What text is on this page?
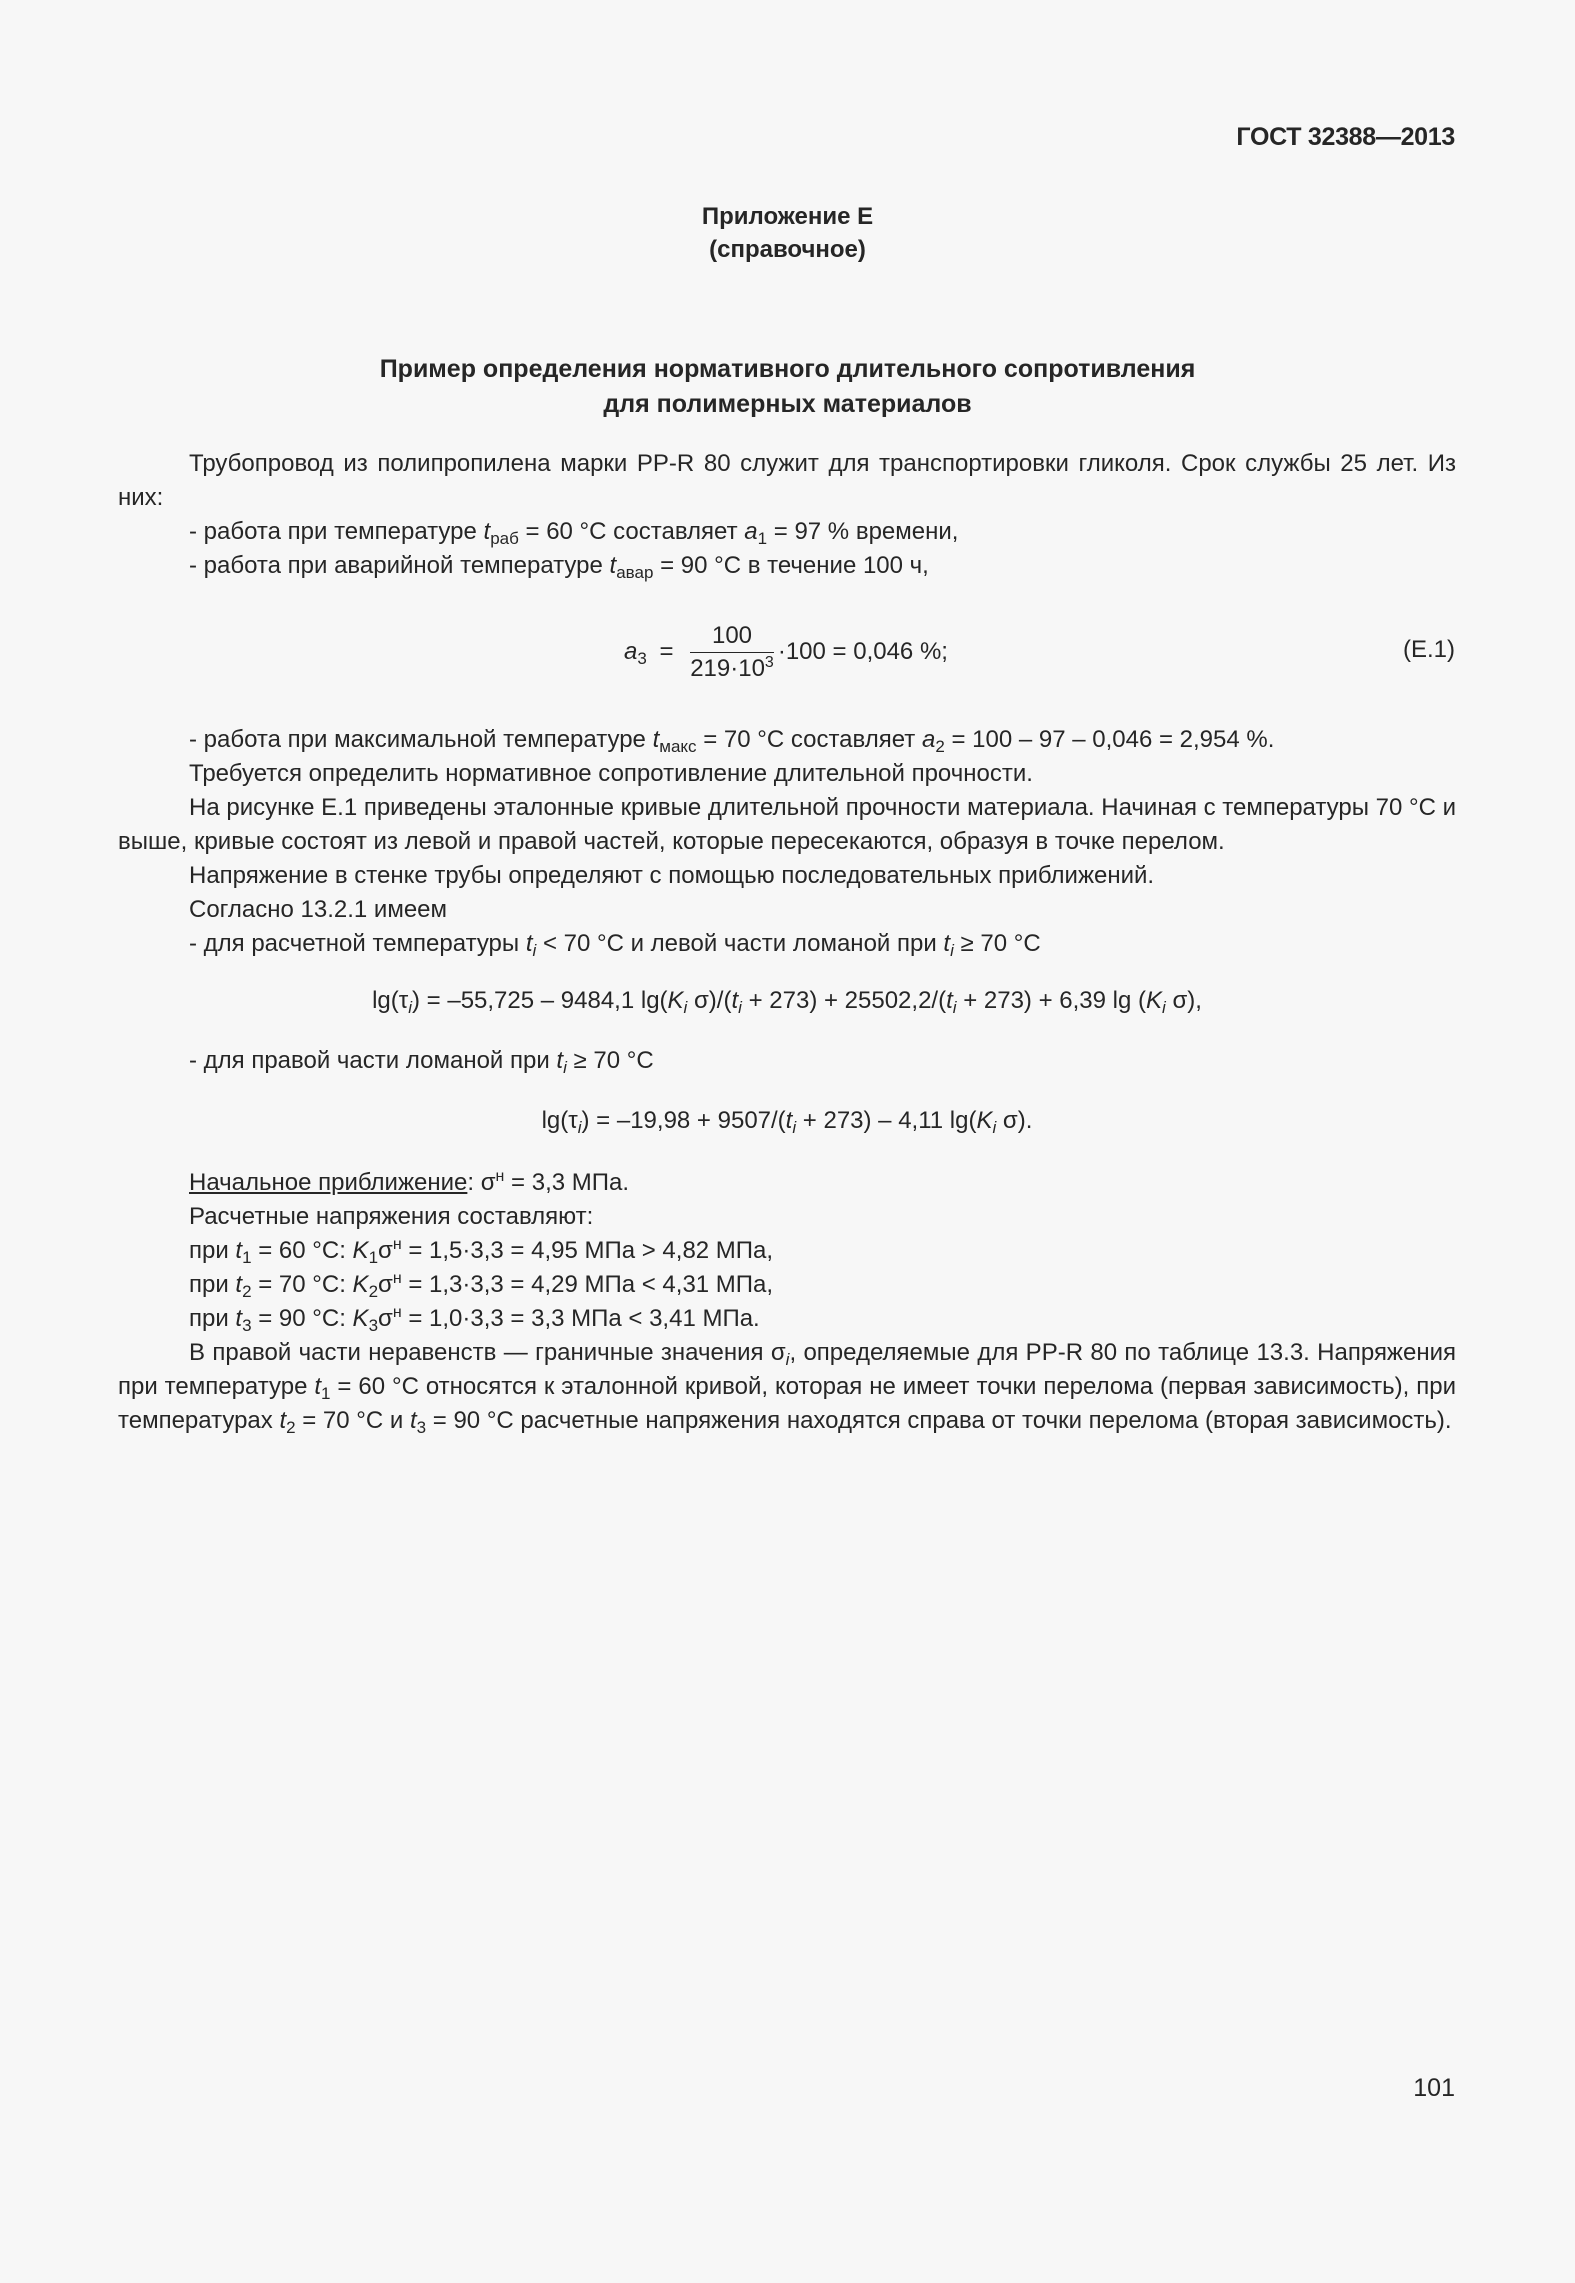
ГОСТ 32388—2013
Приложение Е
(справочное)
Пример определения нормативного длительного сопротивления
для полимерных материалов

Трубопровод из полипропилена марки PP-R 80 служит для транспортировки гликоля. Срок службы 25 лет. Из них:

- работа при температуре $t_{раб} = 60$ °С составляет $a_1 = 97$ % времени,

- работа при аварийной температуре $t_{авар} = 90$ °С в течение 100 ч,

$a_3 = \frac{100}{219\cdot 10^3} \cdot 100 = 0,046$ %;	(Е.1)

- работа при максимальной температуре $t_{макс} = 70$ °С составляет $a_2 = 100 - 97 - 0,046 = 2,954$ %.

Требуется определить нормативное сопротивление длительной прочности.

На рисунке Е.1 приведены эталонные кривые длительной прочности материала. Начиная с температуры 70 °С и выше, кривые состоят из левой и правой частей, которые пересекаются, образуя в точке перелом.

Напряжение в стенке трубы определяют с помощью последовательных приближений.

Согласно 13.2.1 имеем

- для расчетной температуры $t_i < 70$ °С и левой части ломаной при $t_i \ge 70$ °С

$\lg(\tau_i) = -55,725 - 9484,1$ $\lg(K_i$ $\sigma)/(t_i + 273) + 25502,2/(t_i + 273) + 6,39$ $\lg (K_i$ σ),

- для правой части ломаной при $t_i \ge 70$ °С

$\lg(\tau_i) = -19,98 + 9507/(t_i + 273) - 4,11$ $\lg(K_i$ σ).

Начальное приближение: $\sigma^н = 3,3$ МПа.

Расчетные напряжения составляют:

при $t_1 = 60$ °С: $K_1\sigma^н = 1,5\cdot 3,3 = 4,95$ МПа > 4,82 МПа,

при $t_2 = 70$ °С: $K_2\sigma^н = 1,3\cdot 3,3 = 4,29$ МПа < 4,31 МПа,

при $t_3 = 90$ °С: $K_3\sigma^н = 1,0\cdot 3,3 = 3,3$ МПа < 3,41 МПа.

В правой части неравенств — граничные значения $\sigma_i$, определяемые для PP-R 80 по таблице 13.3. Напряжения при температуре $t_1 = 60$ °С относятся к эталонной кривой, которая не имеет точки перелома (первая зависимость), при температурах $t_2 = 70$ °С и $t_3 = 90$ °С расчетные напряжения находятся справа от точки перелома (вторая зависимость).

101
